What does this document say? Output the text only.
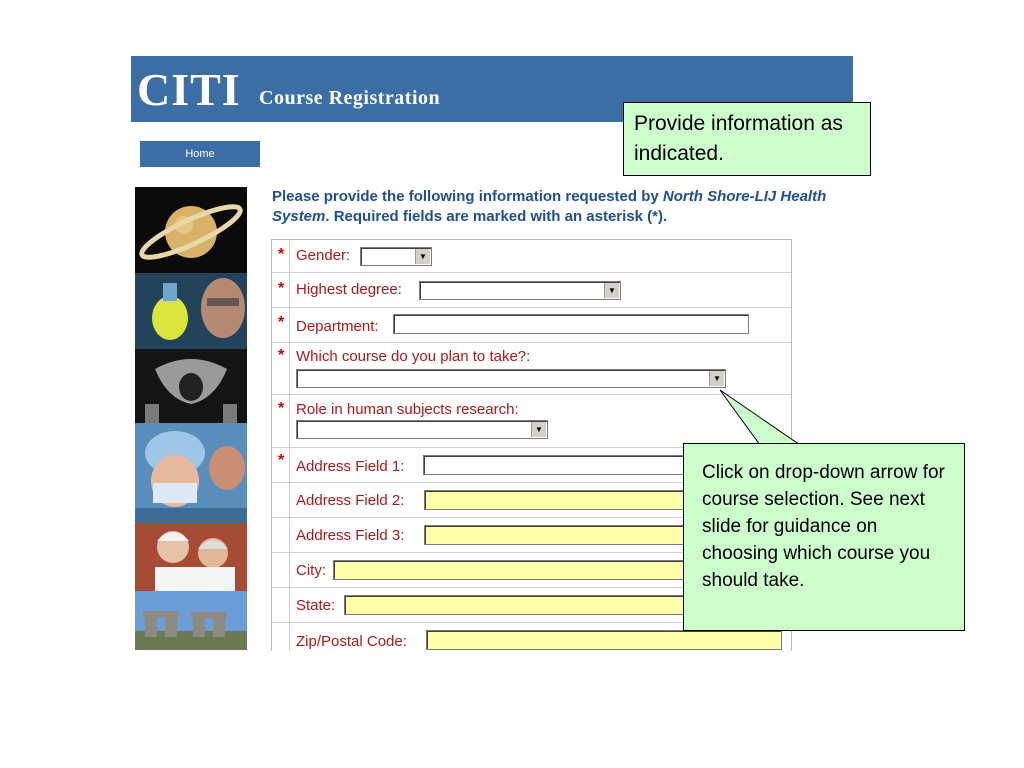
CITI Course Registration
Home
Please provide the following information requested by North Shore-LIJ Health System. Required fields are marked with an asterisk (*).
* Gender:	▼
* Highest degree:	▼
* Department:
* Which course do you plan to take?:
▼
* Role in human subjects research:
▼
* Address Field 1:
Address Field 2:
Address Field 3:
City:
State:
Zip/Postal Code:
Provide information as indicated.
Click on drop-down arrow for course selection. See next slide for guidance on choosing which course you should take.
